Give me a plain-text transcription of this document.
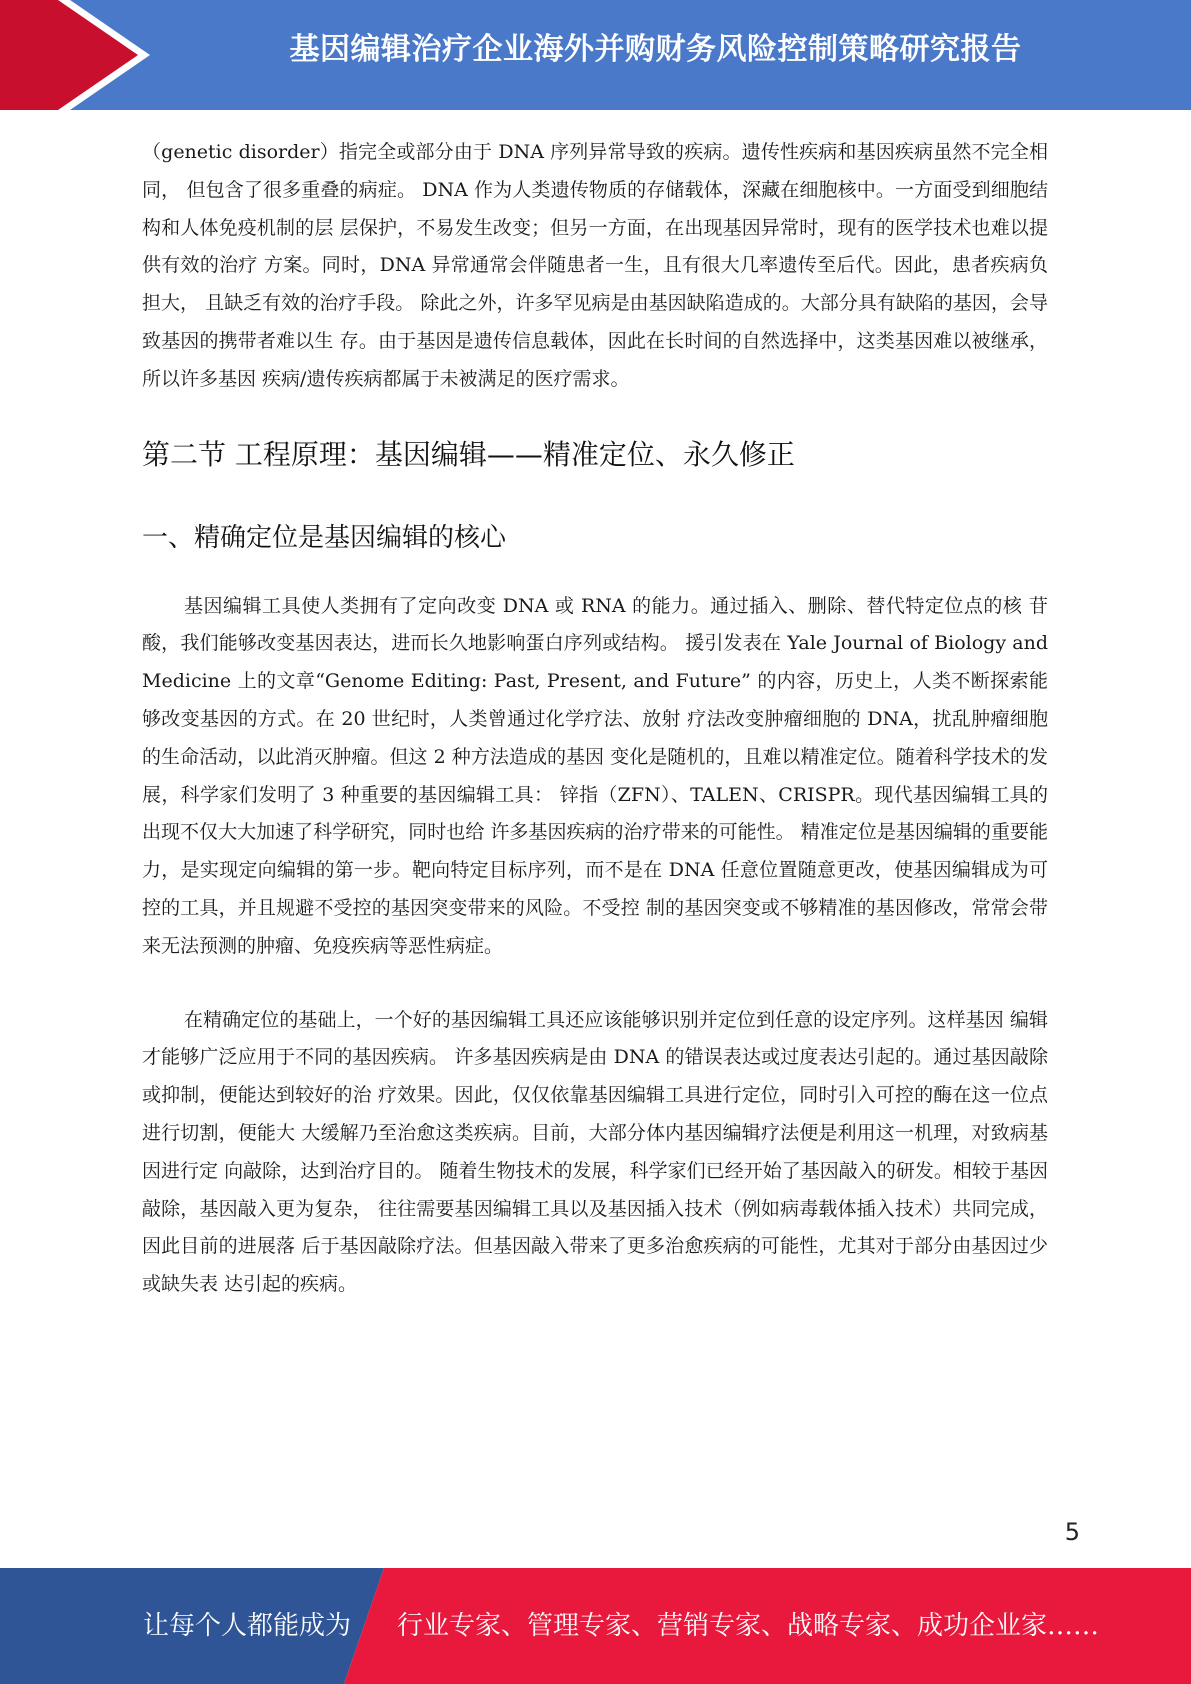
基因编辑治疗企业海外并购财务风险控制策略研究报告

（genetic disorder）指完全或部分由于 DNA 序列异常导致的疾病。遗传性疾病和基因疾病虽然不完全相同， 但包含了很多重叠的病症。 DNA 作为人类遗传物质的存储载体，深藏在细胞核中。一方面受到细胞结构和人体免疫机制的层 层保护，不易发生改变；但另一方面，在出现基因异常时，现有的医学技术也难以提供有效的治疗 方案。同时，DNA 异常通常会伴随患者一生，且有很大几率遗传至后代。因此，患者疾病负担大， 且缺乏有效的治疗手段。 除此之外，许多罕见病是由基因缺陷造成的。大部分具有缺陷的基因，会导致基因的携带者难以生 存。由于基因是遗传信息载体，因此在长时间的自然选择中，这类基因难以被继承，所以许多基因 疾病/遗传疾病都属于未被满足的医疗需求。

第二节 工程原理：基因编辑——精准定位、永久修正
一、精确定位是基因编辑的核心

基因编辑工具使人类拥有了定向改变 DNA 或 RNA 的能力。通过插入、删除、替代特定位点的核 苷酸，我们能够改变基因表达，进而长久地影响蛋白序列或结构。 援引发表在 Yale Journal of Biology and Medicine 上的文章“Genome Editing: Past, Present, and Future” 的内容，历史上，人类不断探索能够改变基因的方式。在 20 世纪时，人类曾通过化学疗法、放射 疗法改变肿瘤细胞的 DNA，扰乱肿瘤细胞的生命活动，以此消灭肿瘤。但这 2 种方法造成的基因 变化是随机的，且难以精准定位。随着科学技术的发展，科学家们发明了 3 种重要的基因编辑工具： 锌指（ZFN）、TALEN、CRISPR。现代基因编辑工具的出现不仅大大加速了科学研究，同时也给 许多基因疾病的治疗带来的可能性。 精准定位是基因编辑的重要能力，是实现定向编辑的第一步。靶向特定目标序列，而不是在 DNA 任意位置随意更改，使基因编辑成为可控的工具，并且规避不受控的基因突变带来的风险。不受控 制的基因突变或不够精准的基因修改，常常会带来无法预测的肿瘤、免疫疾病等恶性病症。

在精确定位的基础上，一个好的基因编辑工具还应该能够识别并定位到任意的设定序列。这样基因 编辑才能够广泛应用于不同的基因疾病。 许多基因疾病是由 DNA 的错误表达或过度表达引起的。通过基因敲除或抑制，便能达到较好的治 疗效果。因此，仅仅依靠基因编辑工具进行定位，同时引入可控的酶在这一位点进行切割，便能大 大缓解乃至治愈这类疾病。目前，大部分体内基因编辑疗法便是利用这一机理，对致病基因进行定 向敲除，达到治疗目的。 随着生物技术的发展，科学家们已经开始了基因敲入的研发。相较于基因敲除，基因敲入更为复杂， 往往需要基因编辑工具以及基因插入技术（例如病毒载体插入技术）共同完成，因此目前的进展落 后于基因敲除疗法。但基因敲入带来了更多治愈疾病的可能性，尤其对于部分由基因过少或缺失表 达引起的疾病。

5
让每个人都能成为 行业专家、管理专家、营销专家、战略专家、成功企业家……
